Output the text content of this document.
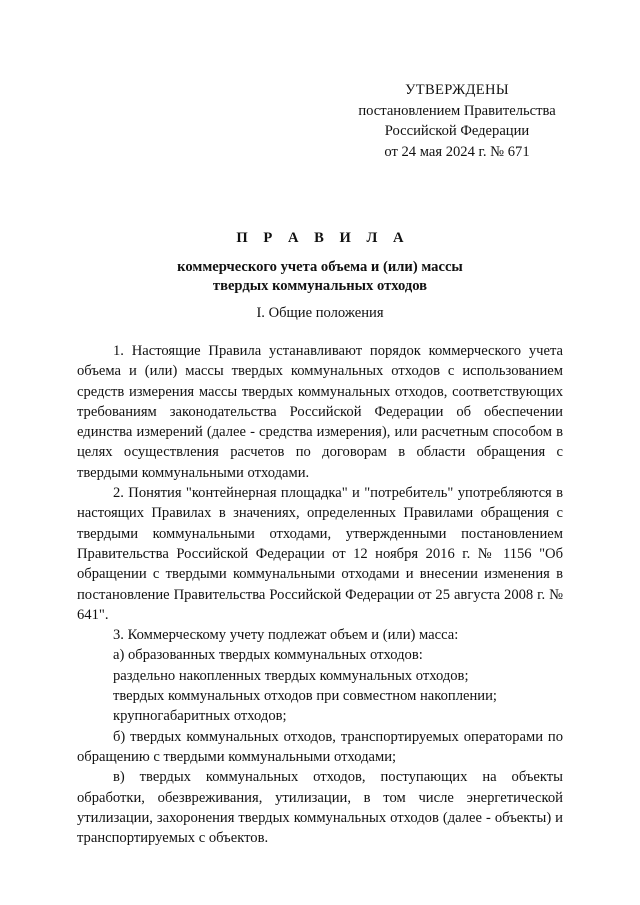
УТВЕРЖДЕНЫ
постановлением Правительства
Российской Федерации
от 24 мая 2024 г. № 671
П Р А В И Л А
коммерческого учета объема и (или) массы
твердых коммунальных отходов
I. Общие положения

1. Настоящие Правила устанавливают порядок коммерческого учета объема и (или) массы твердых коммунальных отходов с использованием средств измерения массы твердых коммунальных отходов, соответствующих требованиям законодательства Российской Федерации об обеспечении единства измерений (далее - средства измерения), или расчетным способом в целях осуществления расчетов по договорам в области обращения с твердыми коммунальными отходами.

2. Понятия "контейнерная площадка" и "потребитель" употребляются в настоящих Правилах в значениях, определенных Правилами обращения с твердыми коммунальными отходами, утвержденными постановлением Правительства Российской Федерации от 12 ноября 2016 г. № 1156 "Об обращении с твердыми коммунальными отходами и внесении изменения в постановление Правительства Российской Федерации от 25 августа 2008 г. № 641".

3. Коммерческому учету подлежат объем и (или) масса:

а) образованных твердых коммунальных отходов:

раздельно накопленных твердых коммунальных отходов;

твердых коммунальных отходов при совместном накоплении;

крупногабаритных отходов;

б) твердых коммунальных отходов, транспортируемых операторами по обращению с твердыми коммунальными отходами;

в) твердых коммунальных отходов, поступающих на объекты обработки, обезвреживания, утилизации, в том числе энергетической утилизации, захоронения твердых коммунальных отходов (далее - объекты) и транспортируемых с объектов.
